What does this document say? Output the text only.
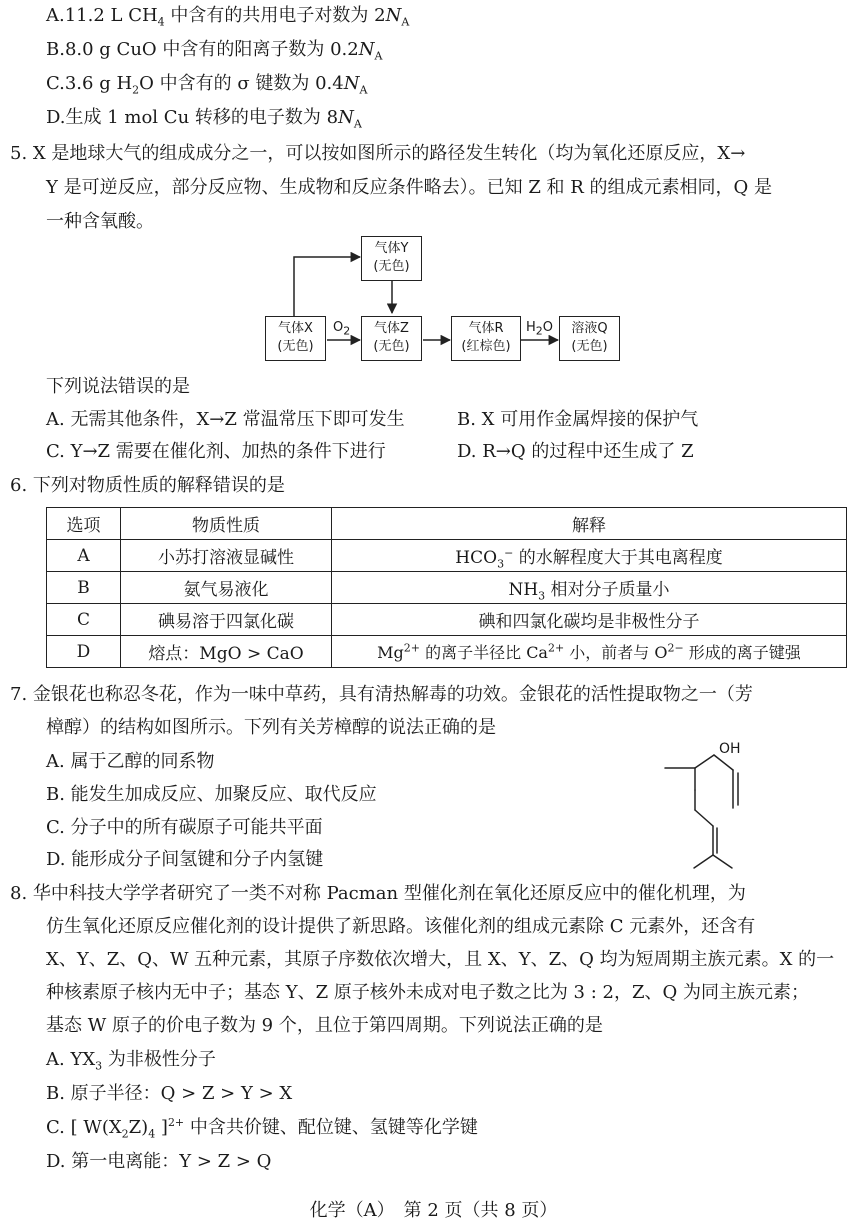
A.11.2 L $CH_4$ 中含有的共用电子对数为 $2N_A$
B.8.0 g CuO 中含有的阳离子数为 $0.2N_A$
C.3.6 g $H_2O$ 中含有的 σ 键数为 $0.4N_A$
D.生成 1 mol Cu 转移的电子数为 $8N_A$
5. X 是地球大气的组成成分之一，可以按如图所示的路径发生转化（均为氧化还原反应，X→
Y 是可逆反应，部分反应物、生成物和反应条件略去）。已知 Z 和 R 的组成元素相同，Q 是
一种含氧酸。
气体Y
(无色)
气体X
(无色)
气体Z
(无色)
气体R
(红棕色)
溶液Q
(无色)
$O_2$	$H_2O$
下列说法错误的是
A. 无需其他条件，X→Z 常温常压下即可发生	B. X 可用作金属焊接的保护气
C. Y→Z 需要在催化剂、加热的条件下进行	D. R→Q 的过程中还生成了 Z
6. 下列对物质性质的解释错误的是
选项	物质性质	解释
A	小苏打溶液显碱性	$HCO_3^-$ 的水解程度大于其电离程度
B	氨气易液化	$NH_3$ 相对分子质量小
C	碘易溶于四氯化碳	碘和四氯化碳均是非极性分子
D	熔点：MgO > CaO	$Mg^{2+}$ 的离子半径比 $Ca^{2+}$ 小，前者与 $O^{2-}$ 形成的离子键强
7. 金银花也称忍冬花，作为一味中草药，具有清热解毒的功效。金银花的活性提取物之一（芳
樟醇）的结构如图所示。下列有关芳樟醇的说法正确的是
A. 属于乙醇的同系物
B. 能发生加成反应、加聚反应、取代反应
C. 分子中的所有碳原子可能共平面
D. 能形成分子间氢键和分子内氢键
OH
8. 华中科技大学学者研究了一类不对称 Pacman 型催化剂在氧化还原反应中的催化机理，为
仿生氧化还原反应催化剂的设计提供了新思路。该催化剂的组成元素除 C 元素外，还含有
X、Y、Z、Q、W 五种元素，其原子序数依次增大，且 X、Y、Z、Q 均为短周期主族元素。X 的一
种核素原子核内无中子；基态 Y、Z 原子核外未成对电子数之比为 3 : 2，Z、Q 为同主族元素；
基态 W 原子的价电子数为 9 个，且位于第四周期。下列说法正确的是
A. $YX_3$ 为非极性分子
B. 原子半径：Q > Z > Y > X
C. [ $W(X_2Z)_4$ ]$^{2+}$ 中含共价键、配位键、氢键等化学键
D. 第一电离能：Y > Z > Q
化学（A）　第 2 页（共 8 页）
